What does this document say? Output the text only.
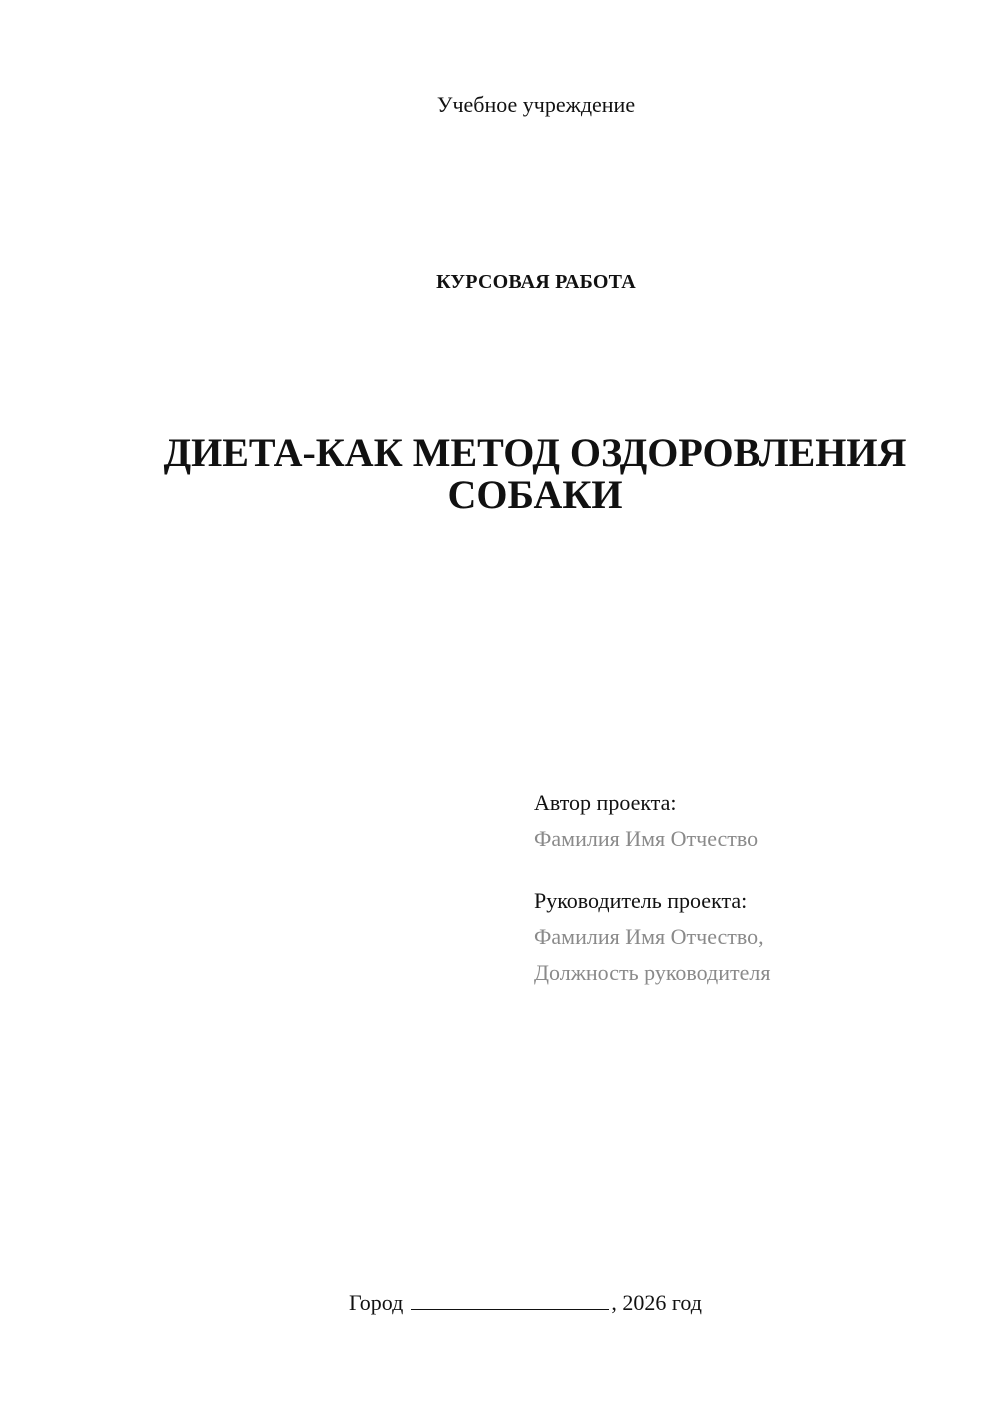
Учебное учреждение
КУРСОВАЯ РАБОТА
ДИЕТА-КАК МЕТОД ОЗДОРОВЛЕНИЯ
СОБАКИ
Автор проекта:
Фамилия Имя Отчество
Руководитель проекта:
Фамилия Имя Отчество,
Должность руководителя
Город	, 2026 год
